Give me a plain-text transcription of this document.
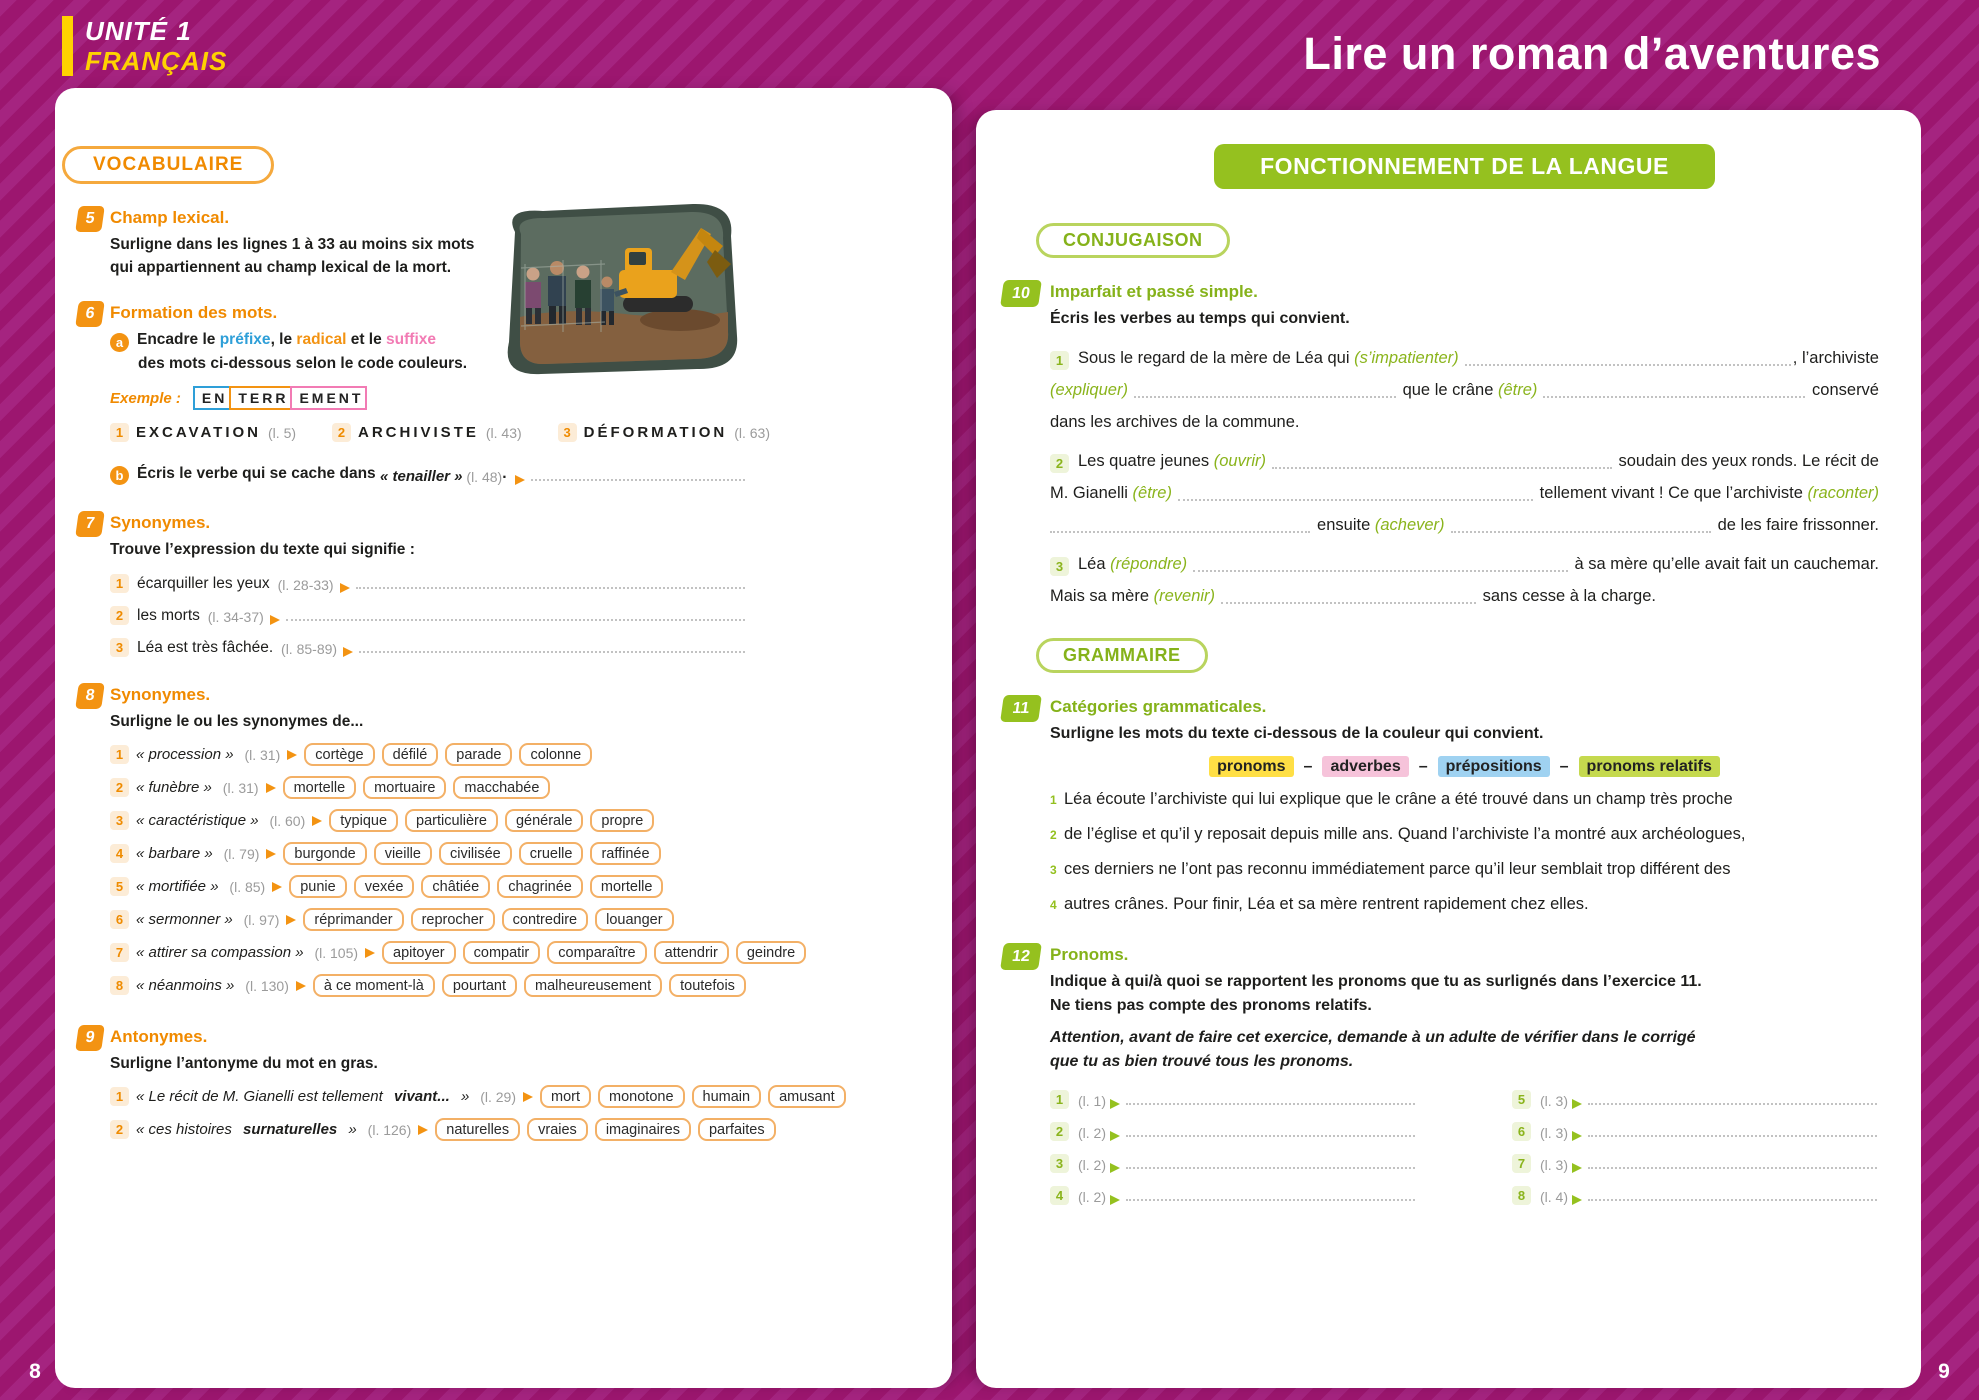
UNITÉ 1
FRANÇAIS	Lire un roman d’aventures
VOCABULAIRE
5 Champ lexical.
Surligne dans les lignes 1 à 33 au moins six mots
qui appartiennent au champ lexical de la mort.
6 Formation des mots.
a Encadre le préfixe, le radical et le suffixe
des mots ci-dessous selon le code couleurs.
Exemple :	EN TERR EMENT
1 EXCAVATION (l. 5)	2 ARCHIVISTE (l. 43)	3 DÉFORMATION (l. 63)
b Écris le verbe qui se cache dans « tenailler » (l. 48) .
7 Synonymes.
Trouve l’expression du texte qui signifie :
1 écarquiller les yeux (l. 28-33)
2 les morts (l. 34-37)
3 Léa est très fâchée. (l. 85-89)
8 Synonymes.
Surligne le ou les synonymes de...
1 « procession » (l. 31)	cortège	défilé	parade	colonne
2 « funèbre » (l. 31)	mortelle	mortuaire	macchabée
3 « caractéristique » (l. 60)	typique	particulière	générale	propre
4 « barbare » (l. 79)	burgonde	vieille	civilisée	cruelle	raffinée
5 « mortifiée » (l. 85)	punie	vexée	châtiée	chagrinée	mortelle
6 « sermonner » (l. 97)	réprimander	reprocher	contredire	louanger
7 « attirer sa compassion » (l. 105)	apitoyer	compatir	comparaître	attendrir	geindre
8 « néanmoins » (l. 130)	à ce moment-là	pourtant	malheureusement	toutefois
9 Antonymes.
Surligne l’antonyme du mot en gras.
1 « Le récit de M. Gianelli est tellement vivant... » (l. 29)	mort	monotone	humain	amusant
2 « ces histoires surnaturelles » (l. 126)	naturelles	vraies	imaginaires	parfaites
FONCTIONNEMENT DE LA LANGUE
CONJUGAISON
10	Imparfait et passé simple.
Écris les verbes au temps qui convient.
1 Sous le regard de la mère de Léa qui (s’impatienter)	, l’archiviste
(expliquer)	que le crâne (être)	conservé
dans les archives de la commune.
2 Les quatre jeunes (ouvrir)	soudain des yeux ronds. Le récit de
M. Gianelli (être)	tellement vivant ! Ce que l’archiviste (raconter)
ensuite (achever)	de les faire frissonner.
3 Léa (répondre)	à sa mère qu’elle avait fait un cauchemar.
Mais sa mère (revenir)	sans cesse à la charge.
GRAMMAIRE
11	Catégories grammaticales.
Surligne les mots du texte ci-dessous de la couleur qui convient.
pronoms	–	adverbes	–	prépositions	–	pronoms relatifs
1 Léa écoute l’archiviste qui lui explique que le crâne a été trouvé dans un champ très proche
2 de l’église et qu’il y reposait depuis mille ans. Quand l’archiviste l’a montré aux archéologues,
3 ces derniers ne l’ont pas reconnu immédiatement parce qu’il leur semblait trop différent des
4 autres crânes. Pour finir, Léa et sa mère rentrent rapidement chez elles.
12	Pronoms.
Indique à qui/à quoi se rapportent les pronoms que tu as surlignés dans l’exercice 11.
Ne tiens pas compte des pronoms relatifs.
Attention, avant de faire cet exercice, demande à un adulte de vérifier dans le corrigé
que tu as bien trouvé tous les pronoms.
1	(l. 1)	5	(l. 3)
2	(l. 2)	6	(l. 3)
3	(l. 2)	7	(l. 3)
4	(l. 2)	8	(l. 4)
8	9
